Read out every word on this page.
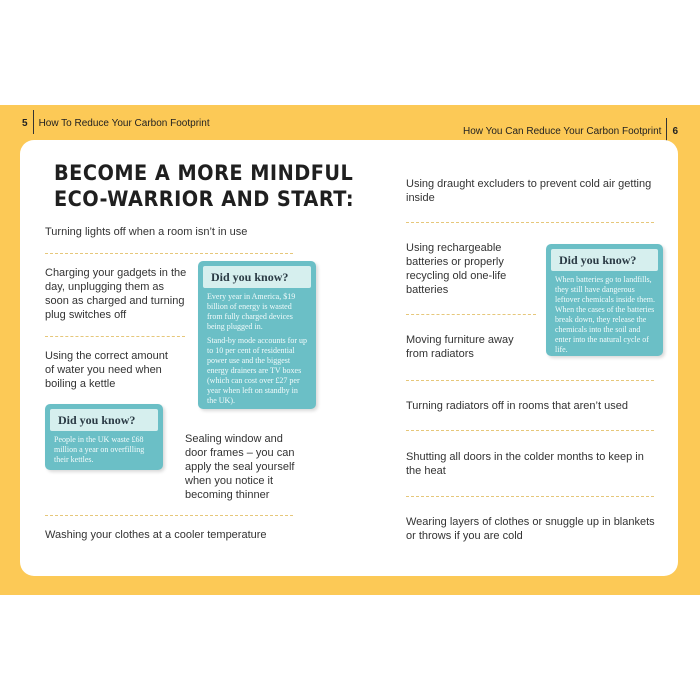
5 How To Reduce Your Carbon Footprint
How You Can Reduce Your Carbon Footprint 6
BECOME A MORE MINDFUL
ECO-WARRIOR AND START:
Turning lights off when a room isn’t in use
Charging your gadgets in the day, unplugging them as soon as charged and turning plug switches off
Using the correct amount of water you need when boiling a kettle
Sealing window and door frames – you can apply the seal yourself when you notice it becoming thinner
Washing your clothes at a cooler temperature
Did you know?

Every year in America, $19 billion of energy is wasted from fully charged devices being plugged in.

Stand-by mode accounts for up to 10 per cent of residential power use and the biggest energy drainers are TV boxes (which can cost over £27 per year when left on standby in the UK).

Did you know?

People in the UK waste £68 million a year on overfilling their kettles.

Using draught excluders to prevent cold air getting inside
Using rechargeable batteries or properly recycling old one-life batteries
Moving furniture away from radiators
Turning radiators off in rooms that aren’t used
Shutting all doors in the colder months to keep in the heat
Wearing layers of clothes or snuggle up in blankets or throws if you are cold
Did you know?

When batteries go to landfills, they still have dangerous leftover chemicals inside them. When the cases of the batteries break down, they release the chemicals into the soil and enter into the natural cycle of life.
